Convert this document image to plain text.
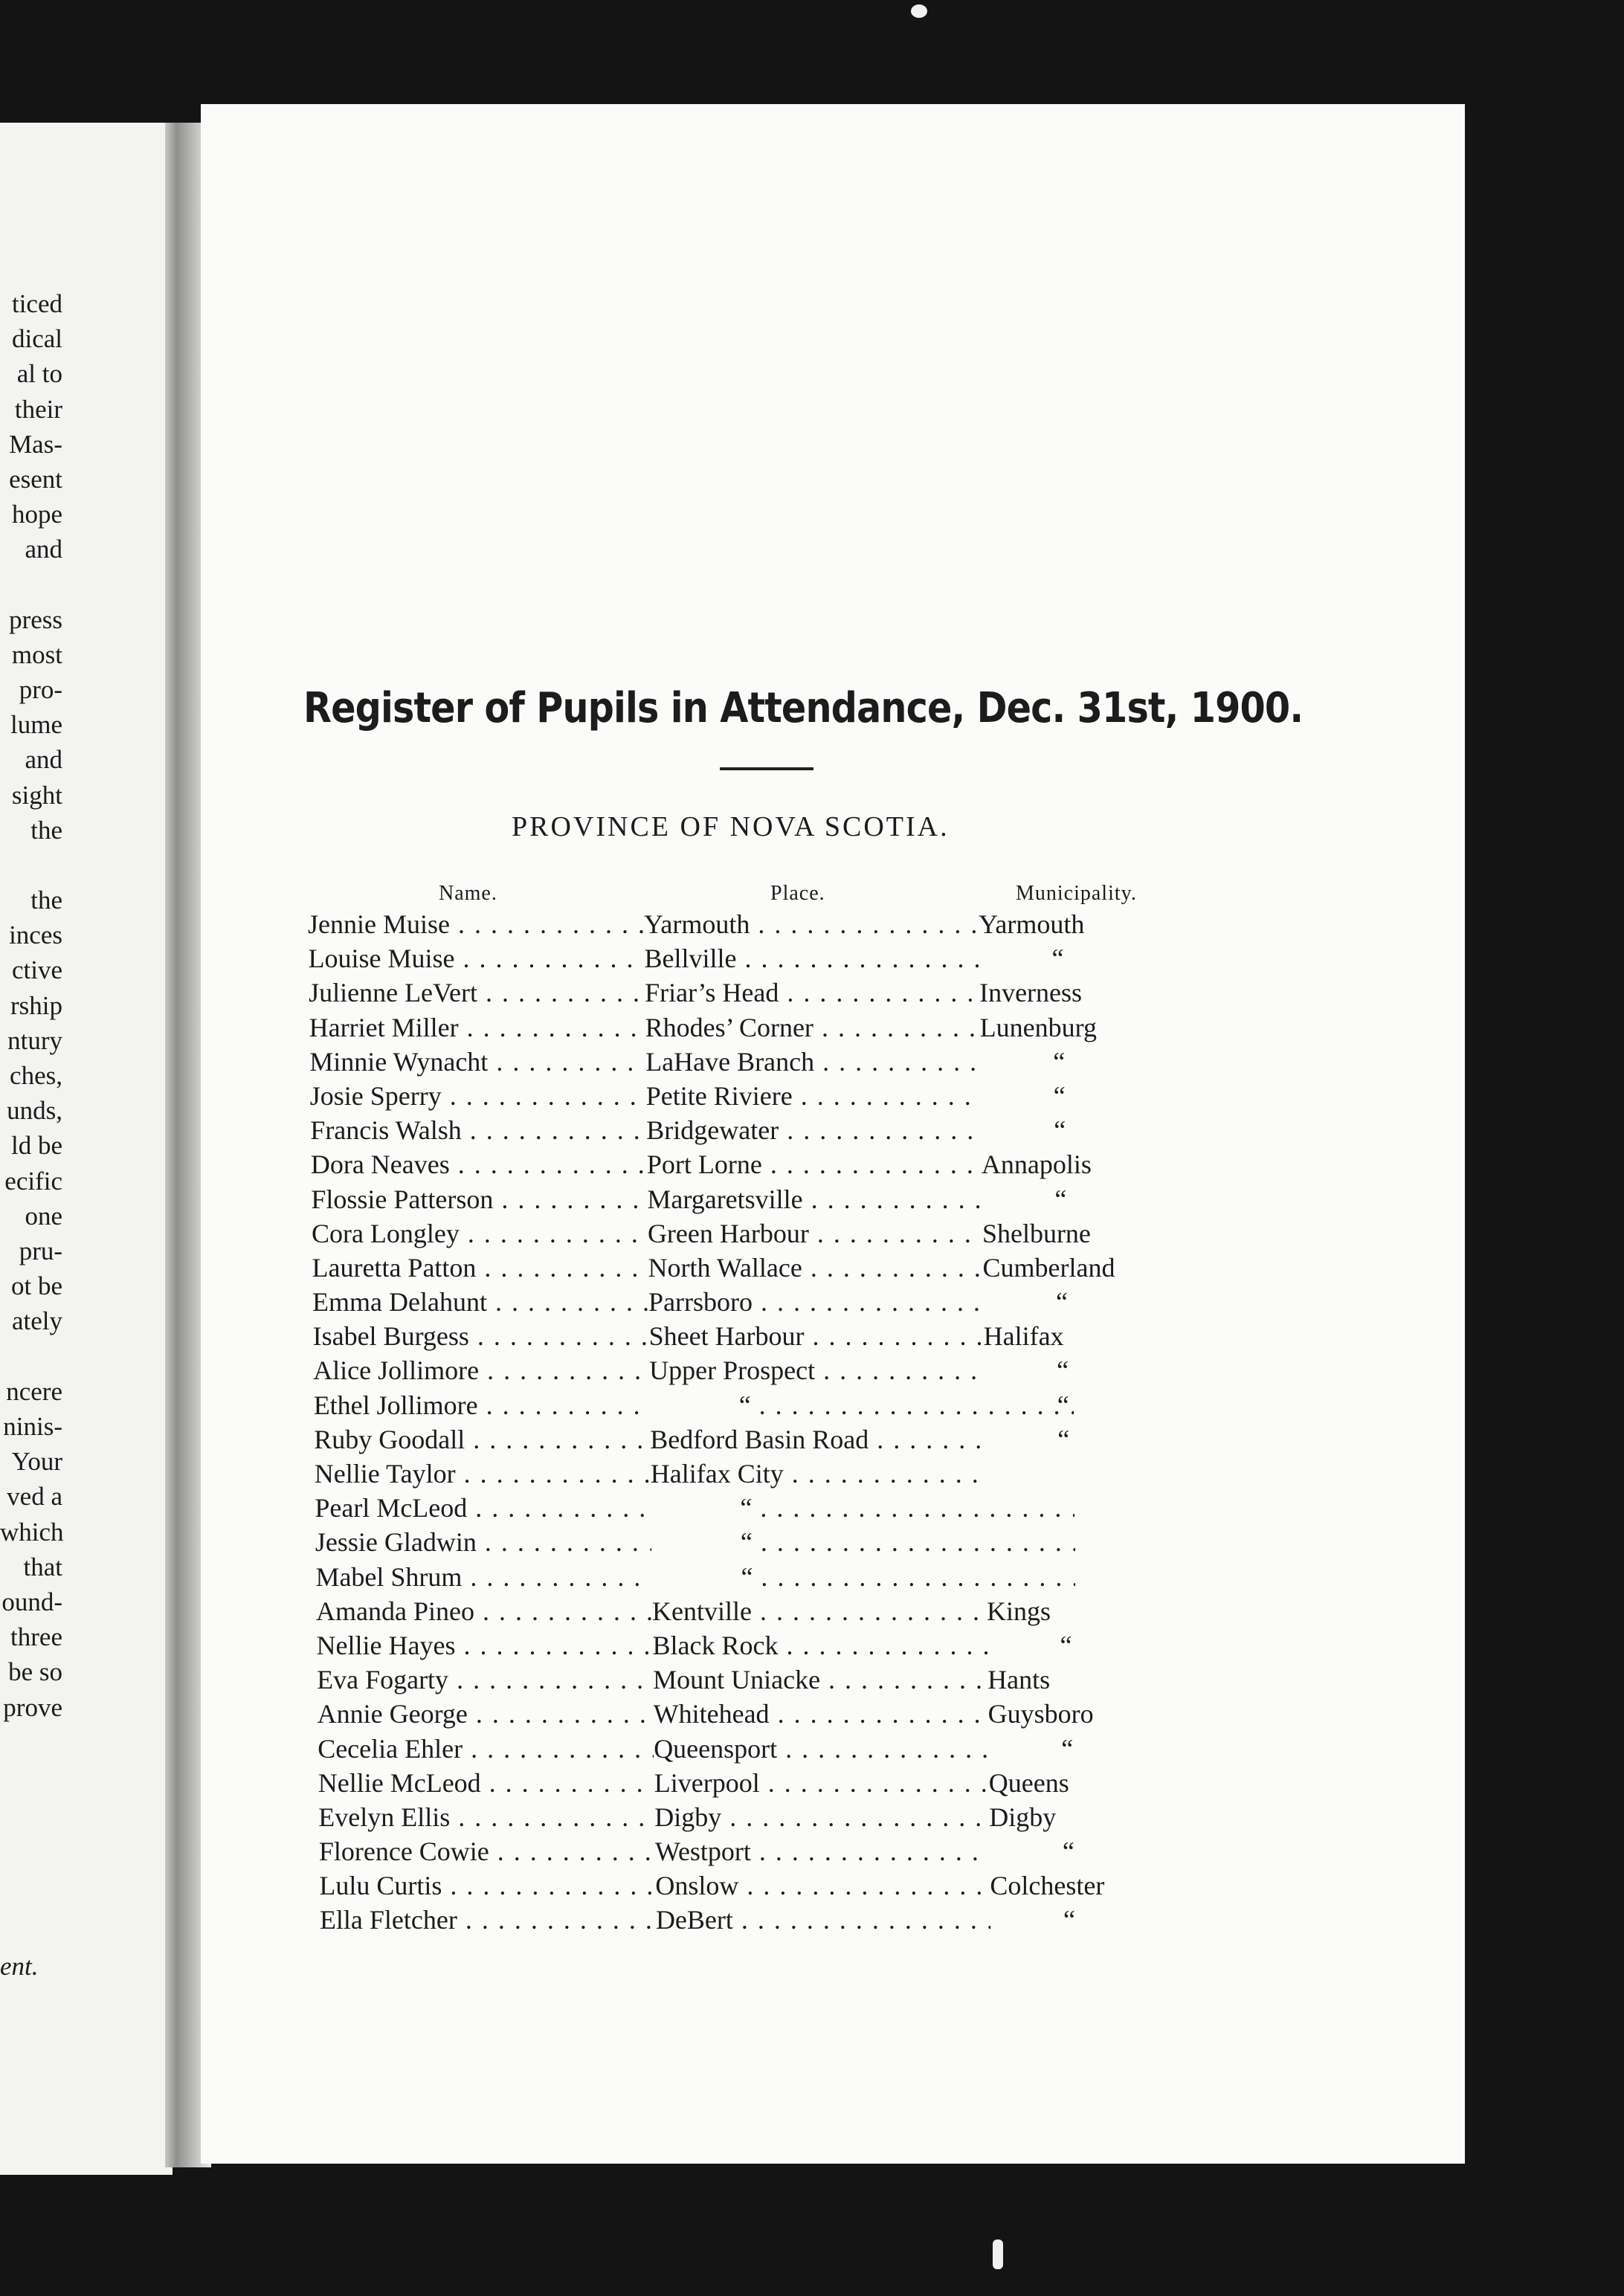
ticed
dical
al to
their
Mas-
esent
hope
and
press
most
pro-
lume
and
sight
the
the
inces
ctive
rship
ntury
ches,
unds,
ld be
ecific
one
pru-
ot be
ately
ncere
ninis-
Your
ved a
which
that
ound-
three
be so
prove
ent.
Register of Pupils in Attendance, Dec. 31st, 1900.
PROVINCE OF NOVA SCOTIA.
Name.	Place.	Municipality.
Jennie Muise . . .	Yarmouth . . .	Yarmouth
Louise Muise . . .	Bellville . . .	“
Julienne LeVert . . .	Friar’s Head . . .	Inverness
Harriet Miller . . .	Rhodes’ Corner . . .	Lunenburg
Minnie Wynacht . . .	LaHave Branch . . .	“
Josie Sperry . . .	Petite Riviere . . .	“
Francis Walsh . . .	Bridgewater . . .	“
Dora Neaves . . .	Port Lorne . . .	Annapolis
Flossie Patterson . . .	Margaretsville . . .	“
Cora Longley . . .	Green Harbour . . .	Shelburne
Lauretta Patton . . .	North Wallace . . .	Cumberland
Emma Delahunt . . .	Parrsboro . . .	“
Isabel Burgess . . .	Sheet Harbour . . .	Halifax
Alice Jollimore . . .	Upper Prospect . . .	“
Ethel Jollimore . . .	“ . . .	“
Ruby Goodall . . .	Bedford Basin Road . . .	“
Nellie Taylor . . .	Halifax City . . .
Pearl McLeod . . .	“ . . .
Jessie Gladwin . . .	“ . . .
Mabel Shrum . . .	“ . . .
Amanda Pineo . . .	Kentville . . .	Kings
Nellie Hayes . . .	Black Rock . . .	“
Eva Fogarty . . .	Mount Uniacke . . .	Hants
Annie George . . .	Whitehead . . .	Guysboro
Cecelia Ehler . . .	Queensport . . .	“
Nellie McLeod . . .	Liverpool . . .	Queens
Evelyn Ellis . . .	Digby . . .	Digby
Florence Cowie . . .	Westport . . .	“
Lulu Curtis . . .	Onslow . . .	Colchester
Ella Fletcher . . .	DeBert . . .	“
